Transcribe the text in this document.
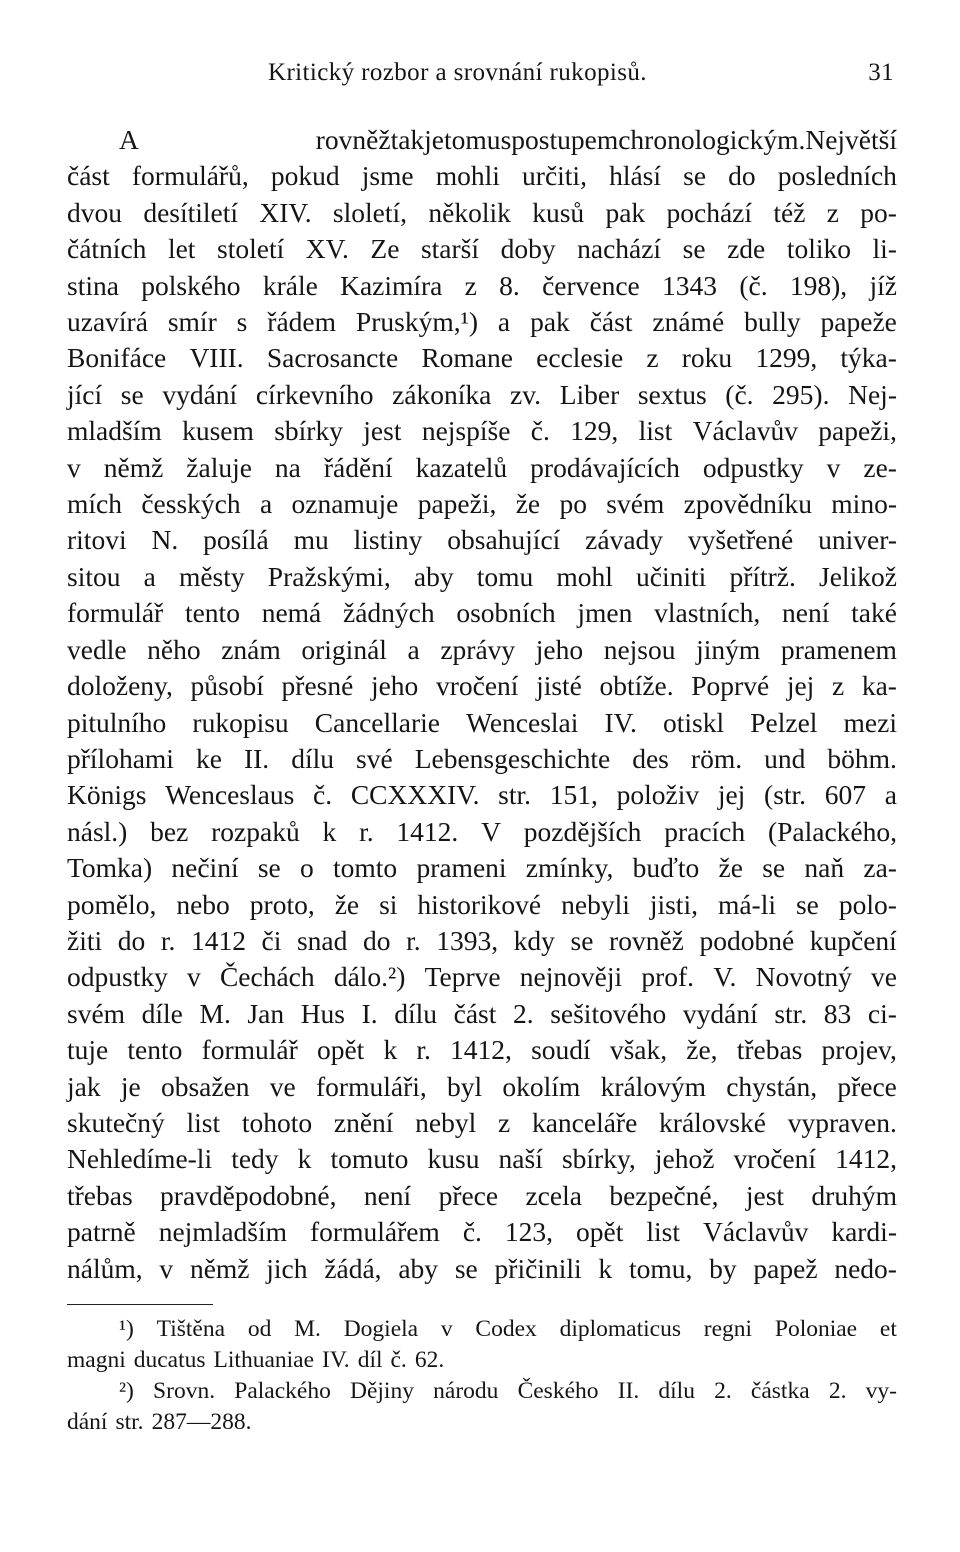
Kritický rozbor a srovnání rukopisů.	31
A	rovněž tak je tomu s postupem chronologickým. Největší
část formulářů, pokud jsme mohli určiti, hlásí se do posledních
dvou desítiletí XIV. sloletí, několik kusů pak pochází též z po-
čátních let století XV. Ze starší doby nachází se zde toliko li-
stina polského krále Kazimíra z 8. července 1343 (č. 198), jíž
uzavírá smír s řádem Pruským,¹) a pak část známé bully papeže
Bonifáce VIII. Sacrosancte Romane ecclesie z roku 1299, týka-
jící se vydání církevního zákoníka zv. Liber sextus (č. 295). Nej-
mladším kusem sbírky jest nejspíše č. 129, list Václavův papeži,
v němž žaluje na řádění kazatelů prodávajících odpustky v ze-
mích česských a oznamuje papeži, že po svém zpovědníku mino-
ritovi N. posílá mu listiny obsahující závady vyšetřené univer-
sitou a městy Pražskými, aby tomu mohl učiniti přítrž. Jelikož
formulář tento nemá žádných osobních jmen vlastních, není také
vedle něho znám originál a zprávy jeho nejsou jiným pramenem
doloženy, působí přesné jeho vročení jisté obtíže. Poprvé jej z ka-
pitulního rukopisu Cancellarie Wenceslai IV. otiskl Pelzel mezi
přílohami ke II. dílu své Lebensgeschichte des röm. und böhm.
Königs Wenceslaus č. CCXXXIV. str. 151, položiv jej (str. 607 a
násl.) bez rozpaků k r. 1412. V pozdějších pracích (Palackého,
Tomka) nečiní se o tomto prameni zmínky, buďto že se naň za-
pomělo, nebo proto, že si historikové nebyli jisti, má-li se polo-
žiti do r. 1412 či snad do r. 1393, kdy se rovněž podobné kupčení
odpustky v Čechách dálo.²) Teprve nejnověji prof. V. Novotný ve
svém díle M. Jan Hus I. dílu část 2. sešitového vydání str. 83 ci-
tuje tento formulář opět k r. 1412, soudí však, že, třebas projev,
jak je obsažen ve formuláři, byl okolím královým chystán, přece
skutečný list tohoto znění nebyl z kanceláře královské vypraven.
Nehledíme-li tedy k tomuto kusu naší sbírky, jehož vročení 1412,
třebas pravděpodobné, není přece zcela bezpečné, jest druhým
patrně nejmladším formulářem č. 123, opět list Václavův kardi-
nálům, v němž jich žádá, aby se přičinili k tomu, by papež nedo-
¹) Tištěna od M. Dogiela v Codex diplomaticus regni Poloniae et
magni ducatus Lithuaniae IV. díl č. 62.
²) Srovn. Palackého Dějiny národu Českého II. dílu 2. částka 2. vy-
dání str. 287—288.
